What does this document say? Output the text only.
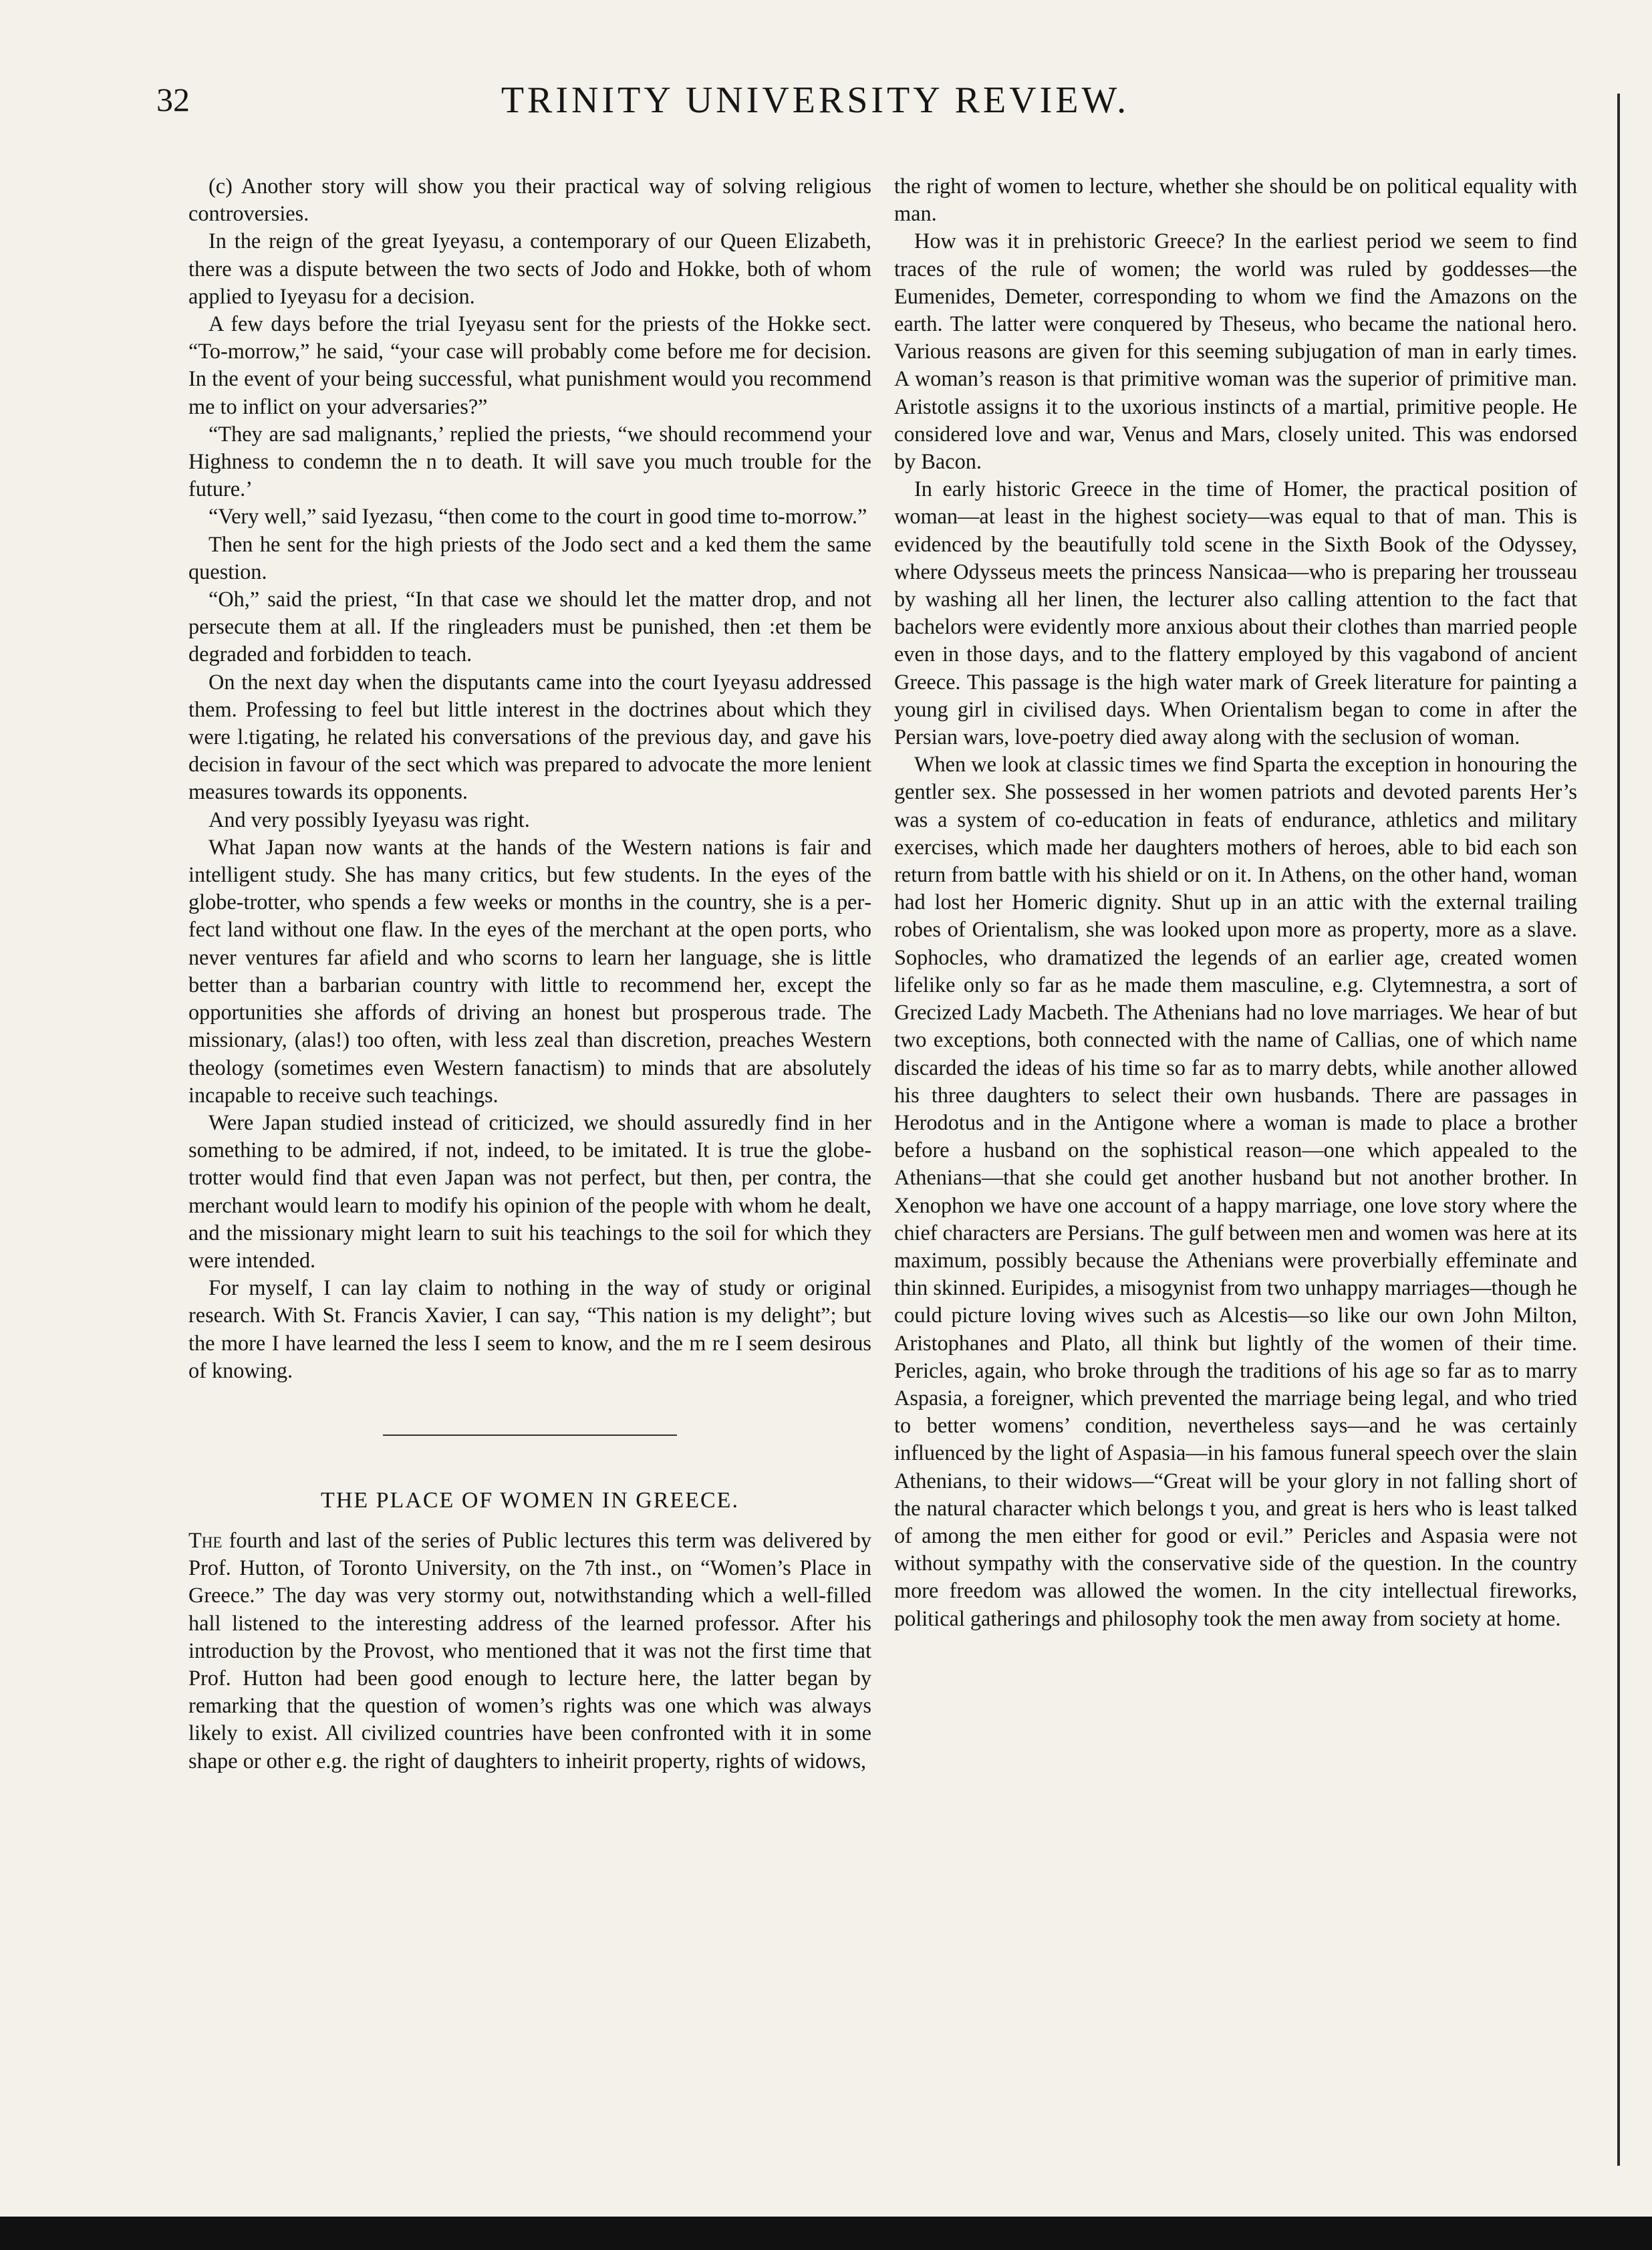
32	TRINITY UNIVERSITY REVIEW.

(c) Another story will show you their practical way of solving religious controversies.

In the reign of the great Iyeyasu, a contemporary of our Queen Elizabeth, there was a dispute between the two sects of Jodo and Hokke, both of whom applied to Iyeyasu for a decision.

A few days before the trial Iyeyasu sent for the priests of the Hokke sect. “To-morrow,” he said, “your case will probably come before me for decision. In the event of your being successful, what punishment would you recommend me to inflict on your adversaries?”

“They are sad malignants,’ replied the priests, “we should recommend your Highness to condemn the n to death. It will save you much trouble for the future.’

“Very well,” said Iyezasu, “then come to the court in good time to-morrow.”

Then he sent for the high priests of the Jodo sect and a ked them the same question.

“Oh,” said the priest, “In that case we should let the matter drop, and not persecute them at all. If the ringleaders must be punished, then :et them be degraded and forbidden to teach.

On the next day when the disputants came into the court Iyeyasu addressed them. Professing to feel but little interest in the doctrines about which they were l.tigating, he related his conversations of the previous day, and gave his decision in favour of the sect which was prepared to advocate the more lenient measures towards its opponents.

And very possibly Iyeyasu was right.

What Japan now wants at the hands of the Western nations is fair and intelligent study. She has many critics, but few students. In the eyes of the globe-trotter, who spends a few weeks or months in the country, she is a perfect land without one flaw. In the eyes of the merchant at the open ports, who never ventures far afield and who scorns to learn her language, she is little better than a barbarian country with little to recommend her, except the opportunities she affords of driving an honest but prosperous trade. The missionary, (alas!) too often, with less zeal than discretion, preaches Western theology (sometimes even Western fanactism) to minds that are absolutely incapable to receive such teachings.

Were Japan studied instead of criticized, we should assuredly find in her something to be admired, if not, indeed, to be imitated. It is true the globe-trotter would find that even Japan was not perfect, but then, per contra, the merchant would learn to modify his opinion of the people with whom he dealt, and the missionary might learn to suit his teachings to the soil for which they were intended.

For myself, I can lay claim to nothing in the way of study or original research. With St. Francis Xavier, I can say, “This nation is my delight”; but the more I have learned the less I seem to know, and the m re I seem desirous of knowing.

THE PLACE OF WOMEN IN GREECE.

The fourth and last of the series of Public lectures this term was delivered by Prof. Hutton, of Toronto University, on the 7th inst., on “Women’s Place in Greece.” The day was very stormy out, notwithstanding which a well-filled hall listened to the interesting address of the learned professor. After his introduction by the Provost, who mentioned that it was not the first time that Prof. Hutton had been good enough to lecture here, the latter began by remarking that the question of women’s rights was one which was always likely to exist. All civilized countries have been confronted with it in some shape or other e.g. the right of daughters to inheirit property, rights of widows,

the right of women to lecture, whether she should be on political equality with man.

How was it in prehistoric Greece? In the earliest period we seem to find traces of the rule of women; the world was ruled by goddesses—the Eumenides, Demeter, corresponding to whom we find the Amazons on the earth. The latter were conquered by Theseus, who became the national hero. Various reasons are given for this seeming subjugation of man in early times. A woman’s reason is that primitive woman was the superior of primitive man. Aristotle assigns it to the uxorious instincts of a martial, primitive people. He considered love and war, Venus and Mars, closely united. This was endorsed by Bacon.

In early historic Greece in the time of Homer, the practical position of woman—at least in the highest society—was equal to that of man. This is evidenced by the beautifully told scene in the Sixth Book of the Odyssey, where Odysseus meets the princess Nansicaa—who is preparing her trousseau by washing all her linen, the lecturer also calling attention to the fact that bachelors were evidently more anxious about their clothes than married people even in those days, and to the flattery employed by this vagabond of ancient Greece. This passage is the high water mark of Greek literature for painting a young girl in civilised days. When Orientalism began to come in after the Persian wars, love-poetry died away along with the seclusion of woman.

When we look at classic times we find Sparta the exception in honouring the gentler sex. She possessed in her women patriots and devoted parents Her’s was a system of co-education in feats of endurance, athletics and military exercises, which made her daughters mothers of heroes, able to bid each son return from battle with his shield or on it. In Athens, on the other hand, woman had lost her Homeric dignity. Shut up in an attic with the external trailing robes of Orientalism, she was looked upon more as property, more as a slave. Sophocles, who dramatized the legends of an earlier age, created women lifelike only so far as he made them masculine, e.g. Clytemnestra, a sort of Grecized Lady Macbeth. The Athenians had no love marriages. We hear of but two exceptions, both connected with the name of Callias, one of which name discarded the ideas of his time so far as to marry debts, while another allowed his three daughters to select their own husbands. There are passages in Herodotus and in the Antigone where a woman is made to place a brother before a husband on the sophistical reason—one which appealed to the Athenians—that she could get another husband but not another brother. In Xenophon we have one account of a happy marriage, one love story where the chief characters are Persians. The gulf between men and women was here at its maximum, possibly because the Athenians were proverbially effeminate and thin skinned. Euripides, a misogynist from two unhappy marriages—though he could picture loving wives such as Alcestis—so like our own John Milton, Aristophanes and Plato, all think but lightly of the women of their time. Pericles, again, who broke through the traditions of his age so far as to marry Aspasia, a foreigner, which prevented the marriage being legal, and who tried to better womens’ condition, nevertheless says—and he was certainly influenced by the light of Aspasia—in his famous funeral speech over the slain Athenians, to their widows—“Great will be your glory in not falling short of the natural character which belongs t you, and great is hers who is least talked of among the men either for good or evil.” Pericles and Aspasia were not without sympathy with the conservative side of the question. In the country more freedom was allowed the women. In the city intellectual fireworks, political gatherings and philosophy took the men away from society at home.
